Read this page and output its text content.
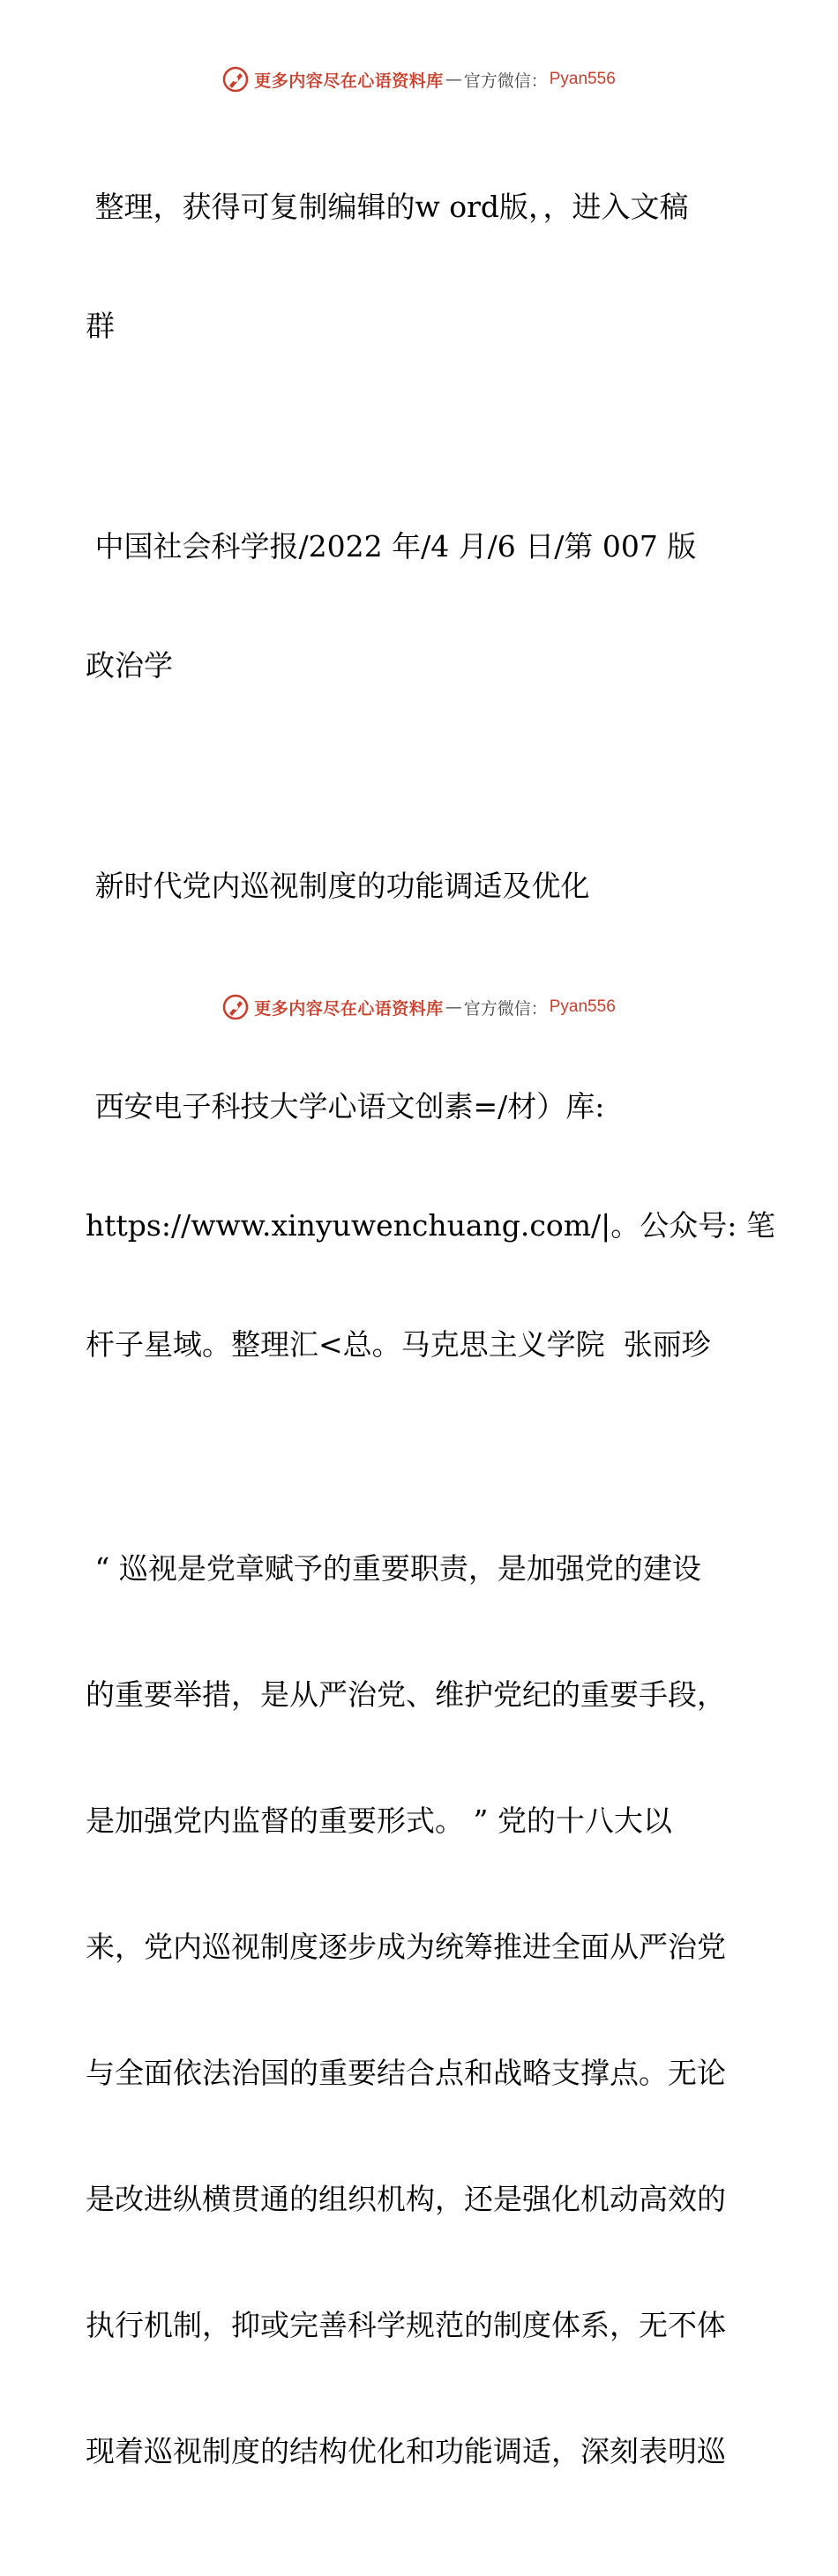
更多内容尽在心语资料库 — 官方微信： Pyan556

整理，获得可复制编辑的w ord版，，进入文稿

群

中国社会科学报/2022 年/4 月/6 日/第 007 版

政治学

新时代党内巡视制度的功能调适及优化

西安电子科技大学心语文创素=/材）库:

https://www.xinyuwenchuang.com/|。公众号: 笔

杆子星域。整理汇<总。马克思主义学院  张丽珍

“ 巡视是党章赋予的重要职责，是加强党的建设

的重要举措，是从严治党、维护党纪的重要手段，

是加强党内监督的重要形式。 ” 党的十八大以

来，党内巡视制度逐步成为统筹推进全面从严治党

与全面依法治国的重要结合点和战略支撑点。无论

是改进纵横贯通的组织机构，还是强化机动高效的

执行机制，抑或完善科学规范的制度体系，无不体

现着巡视制度的结构优化和功能调适，深刻表明巡

更多内容尽在心语资料库 — 官方微信： Pyan556
